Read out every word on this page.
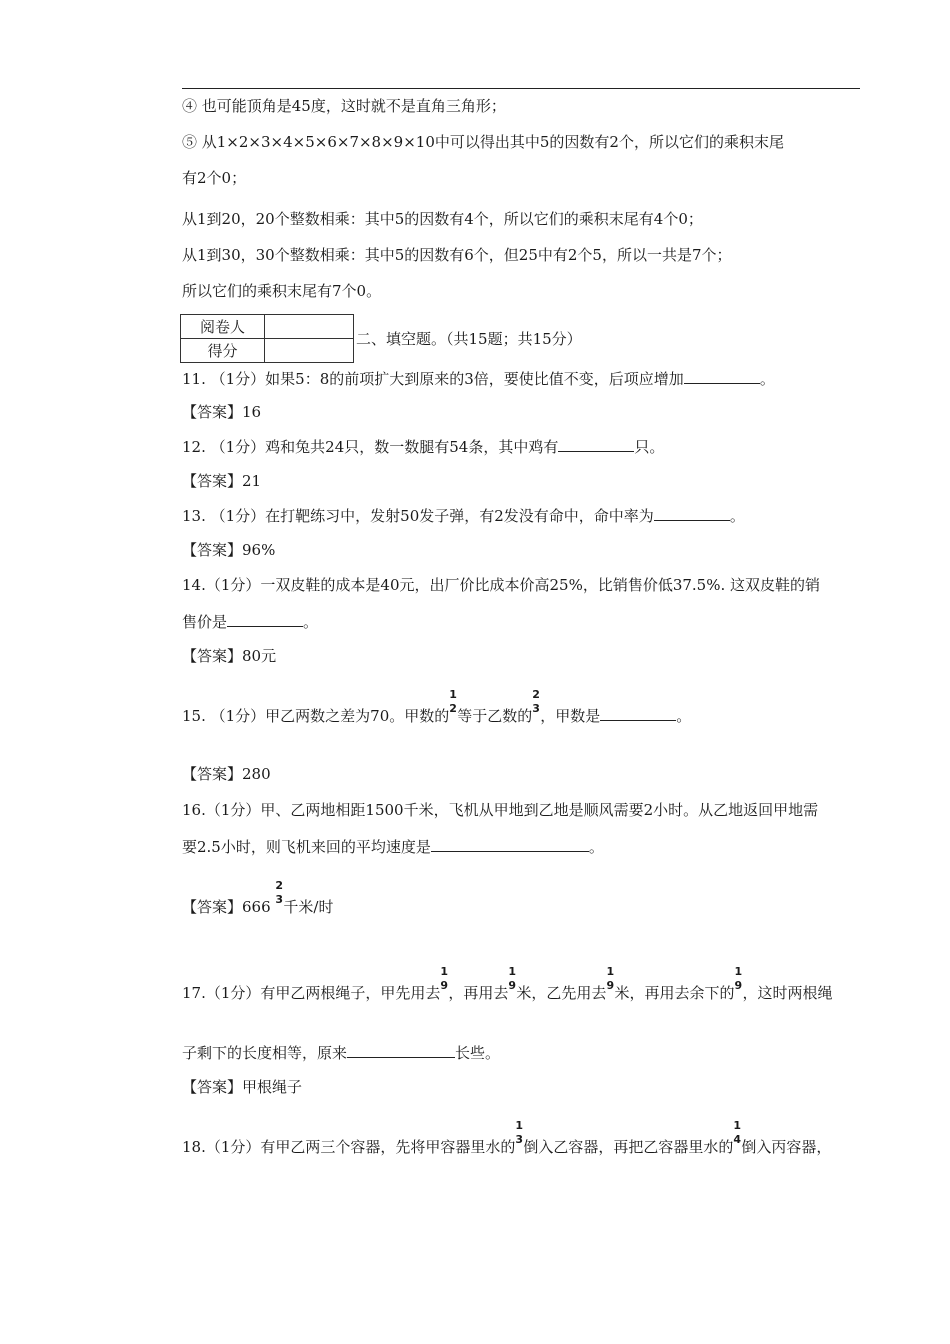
④ 也可能顶角是45度，这时就不是直角三角形；
⑤ 从1×2×3×4×5×6×7×8×9×10中可以得出其中5的因数有2个，所以它们的乘积末尾
有2个0；
从1到20，20个整数相乘：其中5的因数有4个，所以它们的乘积末尾有4个0；
从1到30，30个整数相乘：其中5的因数有6个，但25中有2个5，所以一共是7个；
所以它们的乘积末尾有7个0。
阅卷人	
得分	
二、填空题。（共15题；共15分）
11. （1分）如果5：8的前项扩大到原来的3倍，要使比值不变，后项应增加	。
【答案】16
12. （1分）鸡和兔共24只，数一数腿有54条，其中鸡有	只。
【答案】21
13. （1分）在打靶练习中，发射50发子弹，有2发没有命中，命中率为	。
【答案】96%
14.（1分）一双皮鞋的成本是40元，出厂价比成本价高25%，比销售价低37.5%. 这双皮鞋的销
售价是	。
【答案】80元
15. （1分）甲乙两数之差为70。甲数的
1
2 等于乙数的
2
3 ，甲数是	。
【答案】280
16.（1分）甲、乙两地相距1500千米，飞机从甲地到乙地是顺风需要2小时。从乙地返回甲地需
要2.5小时，则飞机来回的平均速度是	。
【答案】666
2
3 千米/时
17.（1分）有甲乙两根绳子，甲先用去
1
9 ，再用去
1
9 米，乙先用去
1
9 米，再用去余下的
1
9 ，这时两根绳
子剩下的长度相等，原来	长些。
【答案】甲根绳子
18.（1分）有甲乙两三个容器，先将甲容器里水的
1
3 倒入乙容器，再把乙容器里水的
1
4 倒入丙容器，
